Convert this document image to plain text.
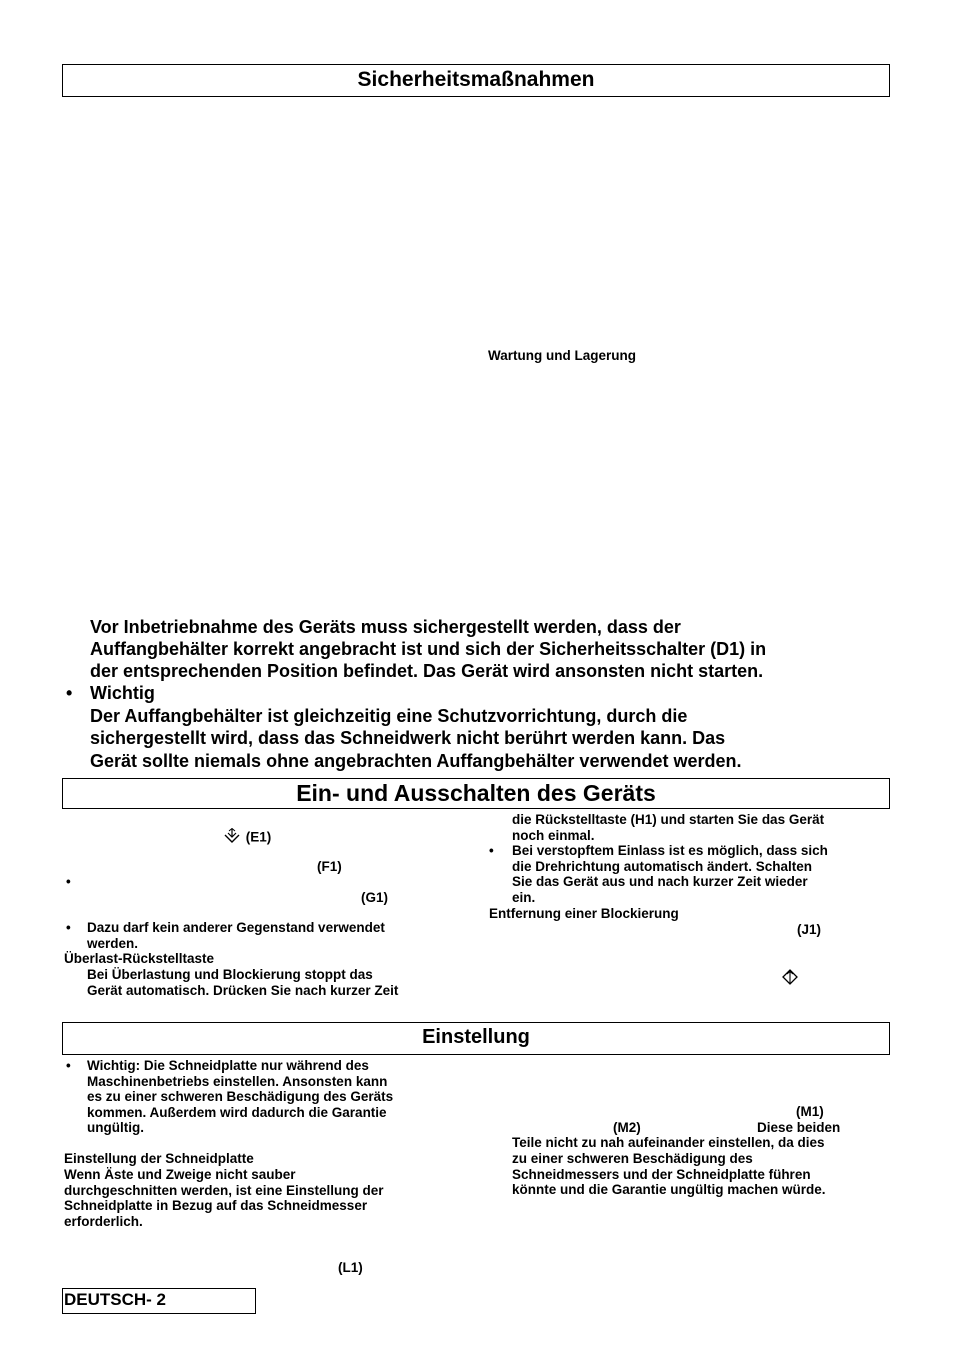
Sicherheitsmaßnahmen
Wartung und Lagerung
Vor Inbetriebnahme des Geräts muss sichergestellt werden, dass der
Auffangbehälter korrekt angebracht ist und sich der Sicherheitsschalter (D1) in
der entsprechenden Position befindet. Das Gerät wird ansonsten nicht starten.
• Wichtig
Der Auffangbehälter ist gleichzeitig eine Schutzvorrichtung, durch die
sichergestellt wird, dass das Schneidwerk nicht berührt werden kann. Das
Gerät sollte niemals ohne angebrachten Auffangbehälter verwendet werden.
Ein- und Ausschalten des Geräts
(E1)
(F1)
•
(G1)
• Dazu darf kein anderer Gegenstand verwendet
werden.
Überlast-Rückstelltaste
Bei Überlastung und Blockierung stoppt das
Gerät automatisch. Drücken Sie nach kurzer Zeit
die Rückstelltaste (H1) und starten Sie das Gerät
noch einmal.
• Bei verstopftem Einlass ist es möglich, dass sich
die Drehrichtung automatisch ändert. Schalten
Sie das Gerät aus und nach kurzer Zeit wieder
ein.
Entfernung einer Blockierung
(J1)
Einstellung
• Wichtig: Die Schneidplatte nur während des
Maschinenbetriebs einstellen. Ansonsten kann
es zu einer schweren Beschädigung des Geräts
kommen. Außerdem wird dadurch die Garantie
ungültig.
Einstellung der Schneidplatte
Wenn Äste und Zweige nicht sauber
durchgeschnitten werden, ist eine Einstellung der
Schneidplatte in Bezug auf das Schneidmesser
erforderlich.
(L1)
(M1)
(M2)	Diese beiden
Teile nicht zu nah aufeinander einstellen, da dies
zu einer schweren Beschädigung des
Schneidmessers und der Schneidplatte führen
könnte und die Garantie ungültig machen würde.
DEUTSCH- 2
